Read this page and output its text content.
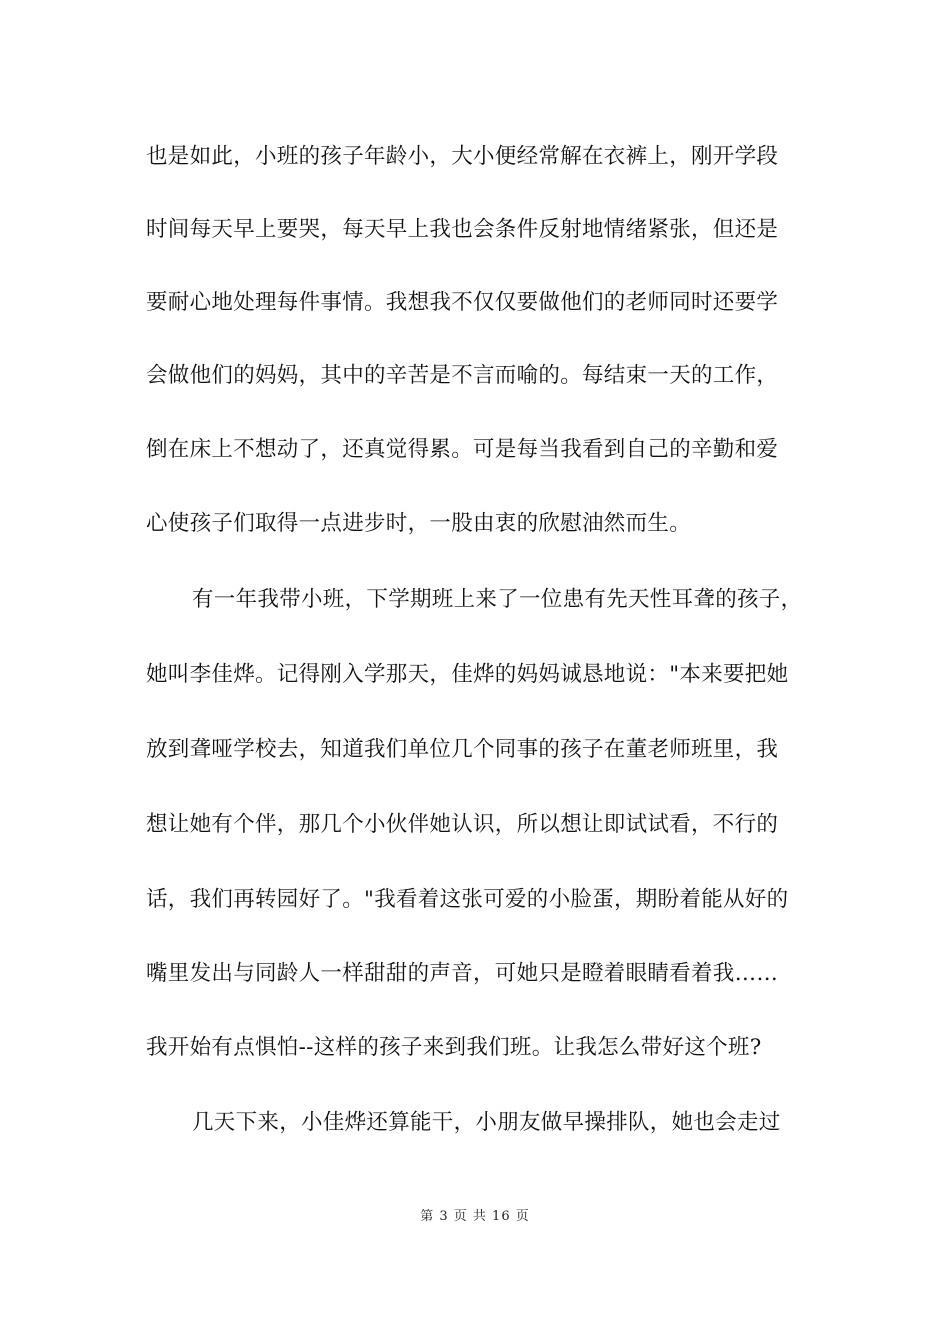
也是如此，小班的孩子年龄小，大小便经常解在衣裤上，刚开学段
时间每天早上要哭，每天早上我也会条件反射地情绪紧张，但还是
要耐心地处理每件事情。我想我不仅仅要做他们的老师同时还要学
会做他们的妈妈，其中的辛苦是不言而喻的。每结束一天的工作，
倒在床上不想动了，还真觉得累。可是每当我看到自己的辛勤和爱
心使孩子们取得一点进步时，一股由衷的欣慰油然而生。
有一年我带小班，下学期班上来了一位患有先天性耳聋的孩子，
她叫李佳烨。记得刚入学那天，佳烨的妈妈诚恳地说："本来要把她
放到聋哑学校去，知道我们单位几个同事的孩子在董老师班里，我
想让她有个伴，那几个小伙伴她认识，所以想让即试试看，不行的
话，我们再转园好了。"我看着这张可爱的小脸蛋，期盼着能从好的
嘴里发出与同龄人一样甜甜的声音，可她只是瞪着眼睛看着我……
我开始有点惧怕--这样的孩子来到我们班。让我怎么带好这个班?
几天下来，小佳烨还算能干，小朋友做早操排队，她也会走过
第 3 页 共 16 页
